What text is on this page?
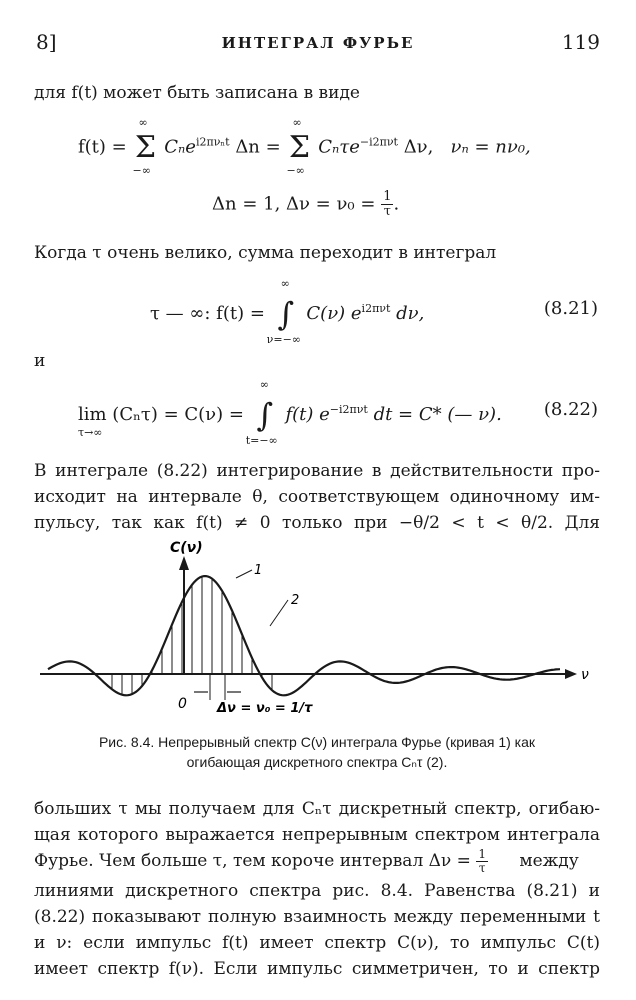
8]	ИНТЕГРАЛ ФУРЬЕ	119
для f(t) может быть записана в виде
f(t) = Σ
∞
−∞
Cₙe$^{i2\pi\nu_nt}$ Δn = Σ
∞
−∞
Cₙτe$^{-i2\pi\nu t}$ Δν, νₙ = nν₀,
Δn = 1, $\Delta\nu = \nu_0 = \frac{1}{\tau}$ .
Когда τ очень велико, сумма переходит в интеграл
τ — ∞: f(t) = ∫
∞
ν=−∞
C(ν) $e^{i2\pi\nu t}$ dν,	(8.21)
и
lim (Cₙτ) = C(ν) =
τ→∞	∫
∞
t=−∞
f(t) $e^{-i2\pi\nu t}$ dt = C* (— ν). (8.22)
В интеграле (8.22) интегрирование в действительности про-
исходит на интервале θ, соответствующем одиночному им-
пульсу, так как f(t) ≠ 0 только при −θ/2 < t < θ/2. Для
C(ν)
ν
0 Δν = ν₀ = 1/τ
1
2
Рис. 8.4. Непрерывный спектр C(ν) интеграла Фурье (кривая 1) как
огибающая дискретного спектра Cₙτ (2).
больших τ мы получаем для Cₙτ дискретный спектр, огибаю-
щая которого выражается непрерывным спектром интеграла
Фурье. Чем больше τ, тем короче интервал $\Delta\nu = \frac{1}{\tau}$ между
линиями дискретного спектра рис. 8.4. Равенства (8.21) и
(8.22) показывают полную взаимность между переменными t
и ν: если импульс f(t) имеет спектр C(ν), то импульс C(t)
имеет спектр f(ν). Если импульс симметричен, то и спектр
